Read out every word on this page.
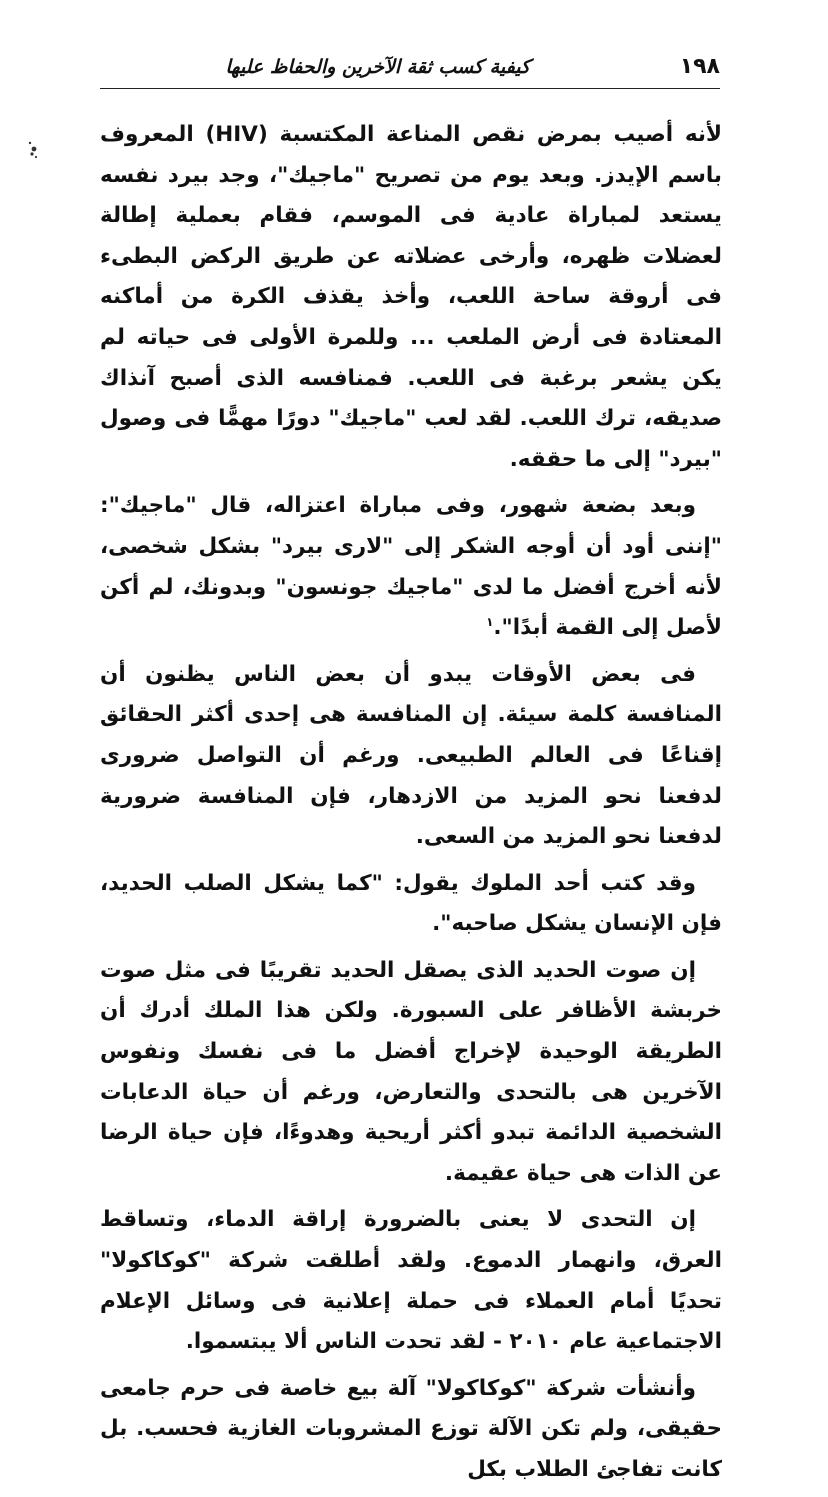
١٩٨
كيفية كسب ثقة الآخرين والحفاظ عليها

لأنه أصيب بمرض نقص المناعة المكتسبة (HIV) المعروف باسم الإيدز. وبعد يوم من تصريح "ماجيك"، وجد بيرد نفسه يستعد لمباراة عادية فى الموسم، فقام بعملية إطالة لعضلات ظهره، وأرخى عضلاته عن طريق الركض البطىء فى أروقة ساحة اللعب، وأخذ يقذف الكرة من أماكنه المعتادة فى أرض الملعب ... وللمرة الأولى فى حياته لم يكن يشعر برغبة فى اللعب. فمنافسه الذى أصبح آنذاك صديقه، ترك اللعب. لقد لعب "ماجيك" دورًا مهمًّا فى وصول "بيرد" إلى ما حققه.

وبعد بضعة شهور، وفى مباراة اعتزاله، قال "ماجيك": "إننى أود أن أوجه الشكر إلى "لارى بيرد" بشكل شخصى، لأنه أخرج أفضل ما لدى "ماجيك جونسون" وبدونك، لم أكن لأصل إلى القمة أبدًا".$^١$

فى بعض الأوقات يبدو أن بعض الناس يظنون أن المنافسة كلمة سيئة. إن المنافسة هى إحدى أكثر الحقائق إقناعًا فى العالم الطبيعى. ورغم أن التواصل ضرورى لدفعنا نحو المزيد من الازدهار، فإن المنافسة ضرورية لدفعنا نحو المزيد من السعى.

وقد كتب أحد الملوك يقول: "كما يشكل الصلب الحديد، فإن الإنسان يشكل صاحبه".

إن صوت الحديد الذى يصقل الحديد تقريبًا فى مثل صوت خربشة الأظافر على السبورة. ولكن هذا الملك أدرك أن الطريقة الوحيدة لإخراج أفضل ما فى نفسك ونفوس الآخرين هى بالتحدى والتعارض، ورغم أن حياة الدعابات الشخصية الدائمة تبدو أكثر أريحية وهدوءًا، فإن حياة الرضا عن الذات هى حياة عقيمة.

إن التحدى لا يعنى بالضرورة إراقة الدماء، وتساقط العرق، وانهمار الدموع. ولقد أطلقت شركة "كوكاكولا" تحديًا أمام العملاء فى حملة إعلانية فى وسائل الإعلام الاجتماعية عام ٢٠١٠ - لقد تحدت الناس ألا يبتسموا.

وأنشأت شركة "كوكاكولا" آلة بيع خاصة فى حرم جامعى حقيقى، ولم تكن الآلة توزع المشروبات الغازية فحسب. بل كانت تفاجئ الطلاب بكل
